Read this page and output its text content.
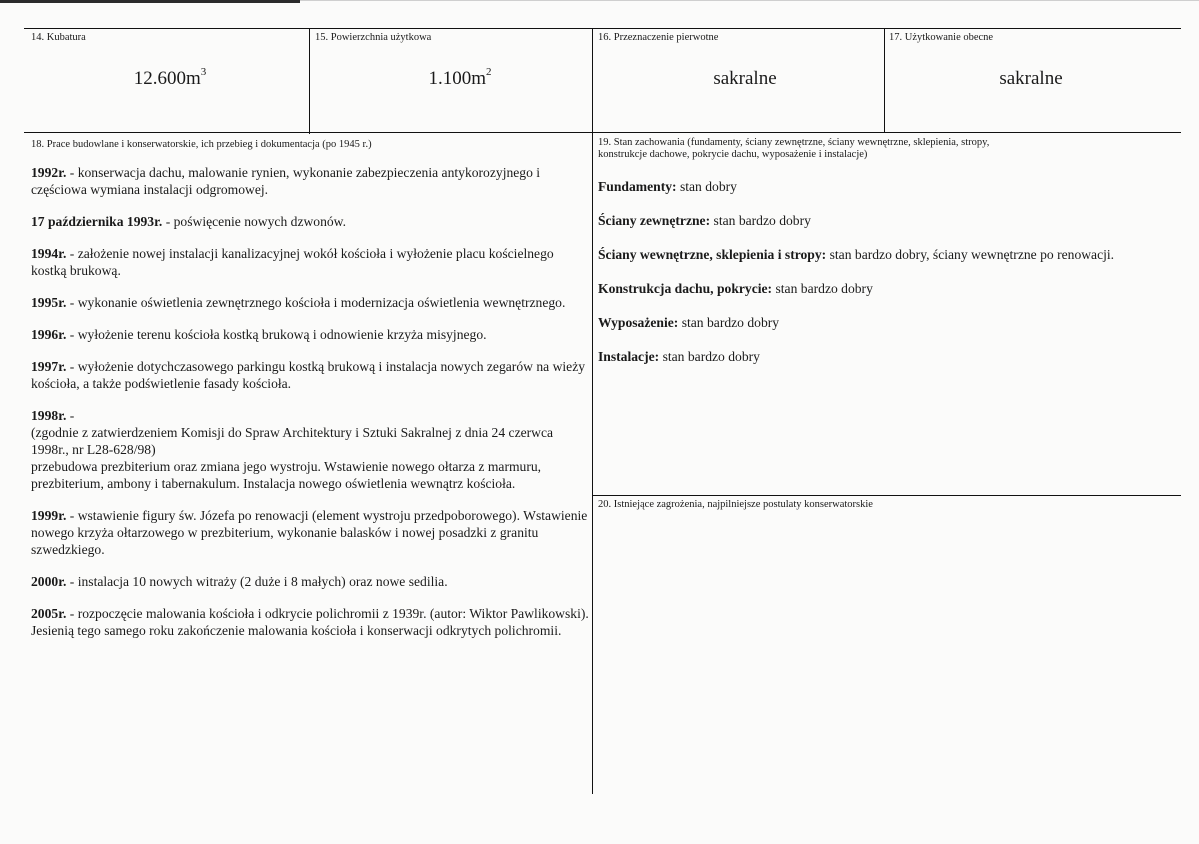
14. Kubatura
$12.600m^3$
15. Powierzchnia użytkowa
$1.100m^2$
16. Przeznaczenie pierwotne
sakralne
17. Użytkowanie obecne
sakralne
18. Prace budowlane i konserwatorskie, ich przebieg i dokumentacja (po 1945 r.)

1992r. - konserwacja dachu, malowanie rynien, wykonanie zabezpieczenia antykorozyjnego i częściowa wymiana instalacji odgromowej.

17 października 1993r. - poświęcenie nowych dzwonów.

1994r. - założenie nowej instalacji kanalizacyjnej wokół kościoła i wyłożenie placu kościelnego kostką brukową.

1995r. - wykonanie oświetlenia zewnętrznego kościoła i modernizacja oświetlenia wewnętrznego.

1996r. - wyłożenie terenu kościoła kostką brukową i odnowienie krzyża misyjnego.

1997r. - wyłożenie dotychczasowego parkingu kostką brukową i instalacja nowych zegarów na wieży kościoła, a także podświetlenie fasady kościoła.

1998r. -
(zgodnie z zatwierdzeniem Komisji do Spraw Architektury i Sztuki Sakralnej z dnia 24 czerwca 1998r., nr L28-628/98)
przebudowa prezbiterium oraz zmiana jego wystroju. Wstawienie nowego ołtarza z marmuru, prezbiterium, ambony i tabernakulum. Instalacja nowego oświetlenia wewnątrz kościoła.

1999r. - wstawienie figury św. Józefa po renowacji (element wystroju przedpoborowego). Wstawienie nowego krzyża ołtarzowego w prezbiterium, wykonanie balasków i nowej posadzki z granitu szwedzkiego.

2000r. - instalacja 10 nowych witraży (2 duże i 8 małych) oraz nowe sedilia.

2005r. - rozpoczęcie malowania kościoła i odkrycie polichromii z 1939r. (autor: Wiktor Pawlikowski). Jesienią tego samego roku zakończenie malowania kościoła i konserwacji odkrytych polichromii.

19. Stan zachowania (fundamenty, ściany zewnętrzne, ściany wewnętrzne, sklepienia, stropy,
konstrukcje dachowe, pokrycie dachu, wyposażenie i instalacje)

Fundamenty: stan dobry

Ściany zewnętrzne: stan bardzo dobry

Ściany wewnętrzne, sklepienia i stropy: stan bardzo dobry, ściany wewnętrzne po renowacji.

Konstrukcja dachu, pokrycie: stan bardzo dobry

Wyposażenie: stan bardzo dobry

Instalacje: stan bardzo dobry

20. Istniejące zagrożenia, najpilniejsze postulaty konserwatorskie
